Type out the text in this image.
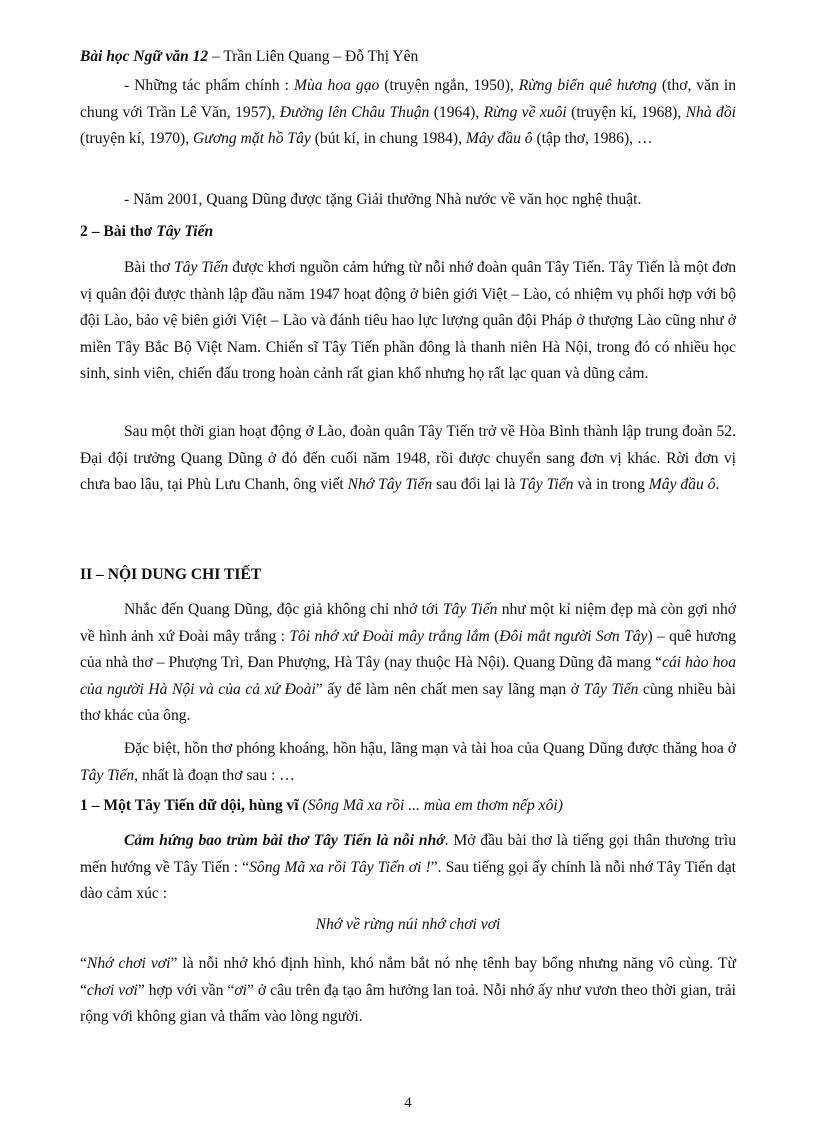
Bài học Ngữ văn 12 – Trần Liên Quang – Đỗ Thị Yên

- Những tác phẩm chính : Mùa hoa gạo (truyện ngắn, 1950), Rừng biển quê hương (thơ, văn in chung với Trần Lê Văn, 1957), Đường lên Châu Thuận (1964), Rừng về xuôi (truyện kí, 1968), Nhà đồi (truyện kí, 1970), Gương mặt hồ Tây (bút kí, in chung 1984), Mây đầu ô (tập thơ, 1986), …

- Năm 2001, Quang Dũng được tặng Giải thưởng Nhà nước về văn học nghệ thuật.

2 – Bài thơ Tây Tiến

Bài thơ Tây Tiến được khơi nguồn cảm hứng từ nỗi nhớ đoàn quân Tây Tiến. Tây Tiến là một đơn vị quân đội được thành lập đầu năm 1947 hoạt động ở biên giới Việt – Lào, có nhiệm vụ phối hợp với bộ đội Lào, bảo vệ biên giới Việt – Lào và đánh tiêu hao lực lượng quân đội Pháp ở thượng Lào cũng như ở miền Tây Bắc Bộ Việt Nam. Chiến sĩ Tây Tiến phần đông là thanh niên Hà Nội, trong đó có nhiều học sinh, sinh viên, chiến đấu trong hoàn cảnh rất gian khổ nhưng họ rất lạc quan và dũng cảm.

Sau một thời gian hoạt động ở Lào, đoàn quân Tây Tiến trở về Hòa Bình thành lập trung đoàn 52. Đại đội trưởng Quang Dũng ở đó đến cuối năm 1948, rồi được chuyển sang đơn vị khác. Rời đơn vị chưa bao lâu, tại Phù Lưu Chanh, ông viết Nhớ Tây Tiến sau đổi lại là Tây Tiến và in trong Mây đầu ô.

II – NỘI DUNG CHI TIẾT

Nhắc đến Quang Dũng, độc giả không chỉ nhớ tới Tây Tiến như một kỉ niệm đẹp mà còn gợi nhớ về hình ảnh xứ Đoài mây trắng : Tôi nhớ xứ Đoài mây trắng lắm (Đôi mắt người Sơn Tây) – quê hương của nhà thơ – Phượng Trì, Đan Phượng, Hà Tây (nay thuộc Hà Nội). Quang Dũng đã mang “cái hào hoa của người Hà Nội và của cả xứ Đoài” ấy để làm nên chất men say lãng mạn ở Tây Tiến cùng nhiều bài thơ khác của ông.

Đặc biệt, hồn thơ phóng khoáng, hồn hậu, lãng mạn và tài hoa của Quang Dũng được thăng hoa ở Tây Tiến, nhất là đoạn thơ sau : …

1 – Một Tây Tiến dữ dội, hùng vĩ (Sông Mã xa rồi ... mùa em thơm nếp xôi)

Cảm hứng bao trùm bài thơ Tây Tiến là nỗi nhớ. Mở đầu bài thơ là tiếng gọi thân thương trìu mến hướng về Tây Tiến : “Sông Mã xa rồi Tây Tiến ơi !”. Sau tiếng gọi ấy chính là nỗi nhớ Tây Tiến dạt dào cảm xúc :

Nhớ về rừng núi nhớ chơi vơi

“Nhớ chơi vơi” là nỗi nhớ khó định hình, khó nắm bắt nó nhẹ tênh bay bổng nhưng năng vô cùng. Từ “chơi vơi” hợp với vần “ơi” ở câu trên đạ tạo âm hưởng lan toả. Nỗi nhớ ấy như vươn theo thời gian, trải rộng với không gian và thấm vào lòng người.

4
